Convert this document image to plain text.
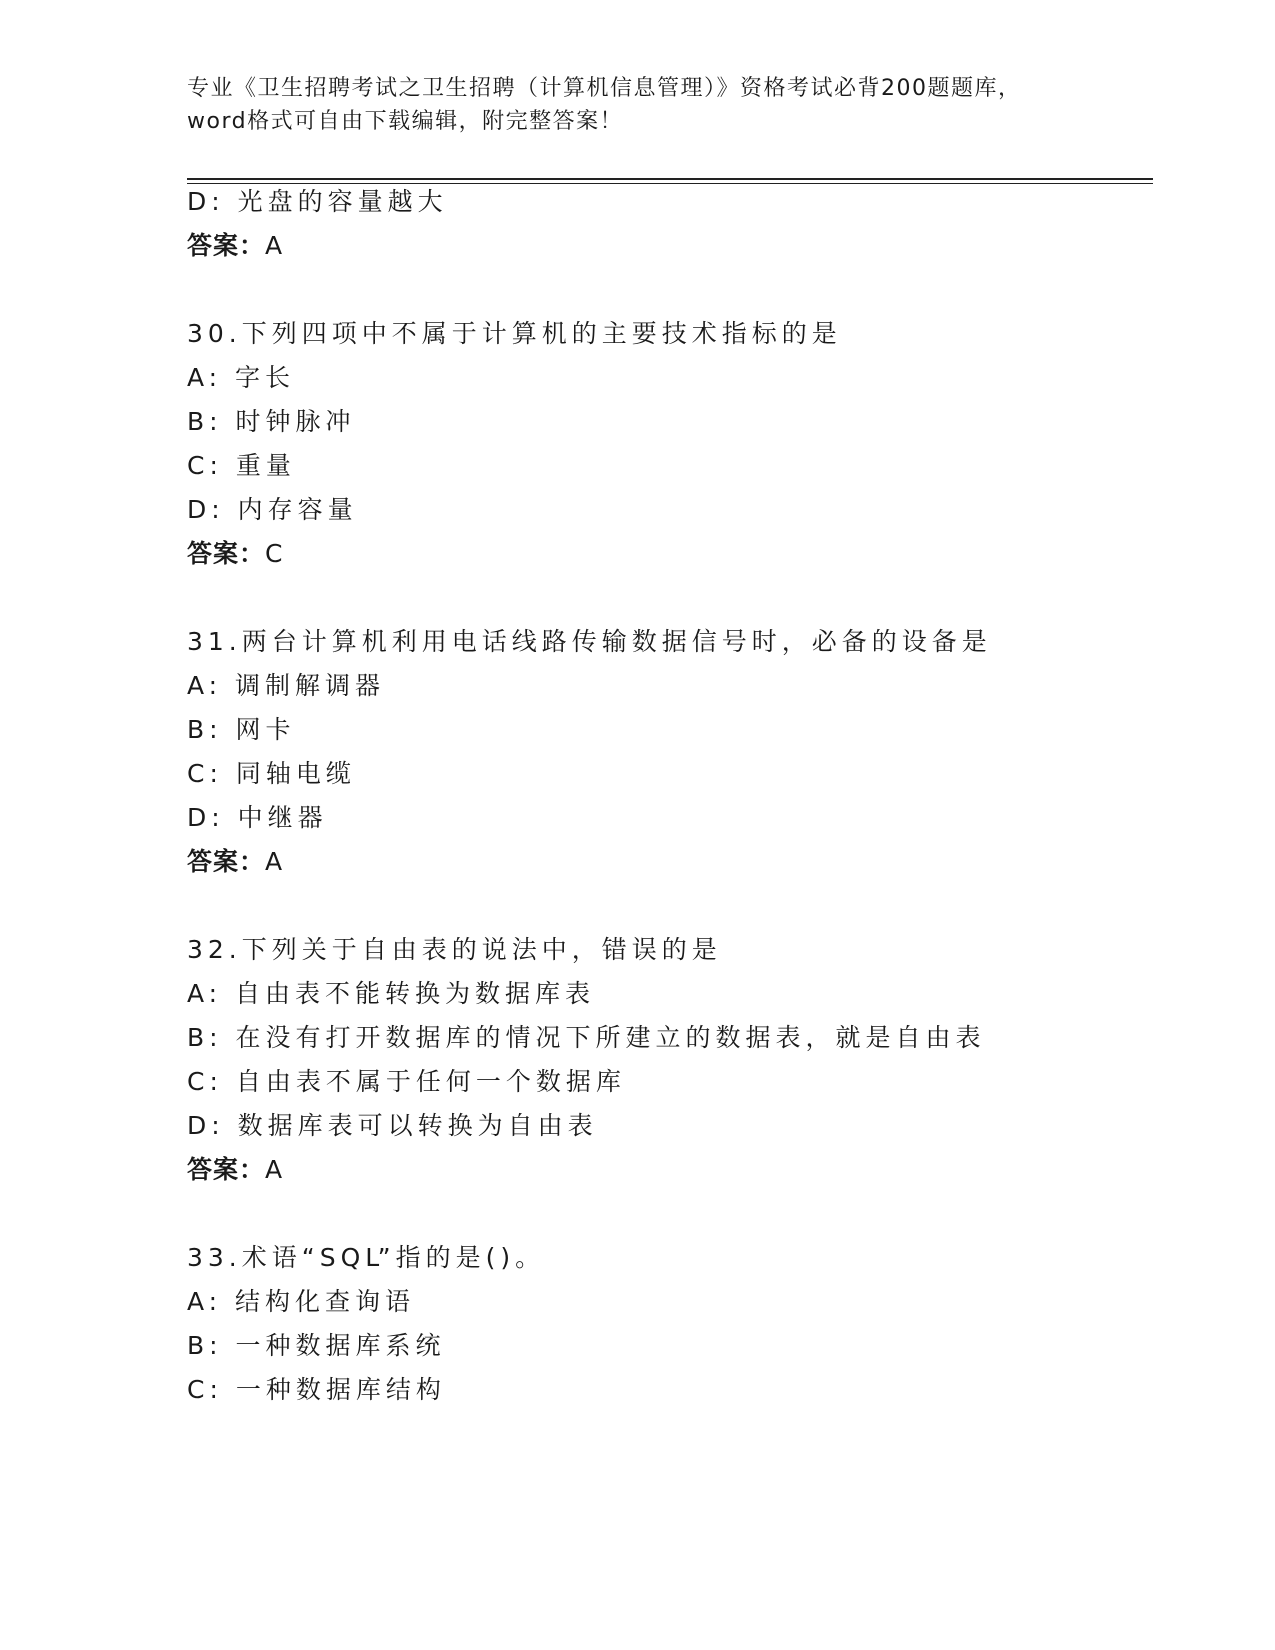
专业《卫生招聘考试之卫生招聘（计算机信息管理）》资格考试必背200题题库，
word格式可自由下载编辑，附完整答案！
D: 光盘的容量越大
答案：A
30.下列四项中不属于计算机的主要技术指标的是
A: 字长
B: 时钟脉冲
C: 重量
D: 内存容量
答案：C
31.两台计算机利用电话线路传输数据信号时，必备的设备是
A: 调制解调器
B: 网卡
C: 同轴电缆
D: 中继器
答案：A
32.下列关于自由表的说法中，错误的是
A: 自由表不能转换为数据库表
B: 在没有打开数据库的情况下所建立的数据表，就是自由表
C: 自由表不属于任何一个数据库
D: 数据库表可以转换为自由表
答案：A
33.术语“SQL”指的是()。
A: 结构化查询语
B: 一种数据库系统
C: 一种数据库结构
